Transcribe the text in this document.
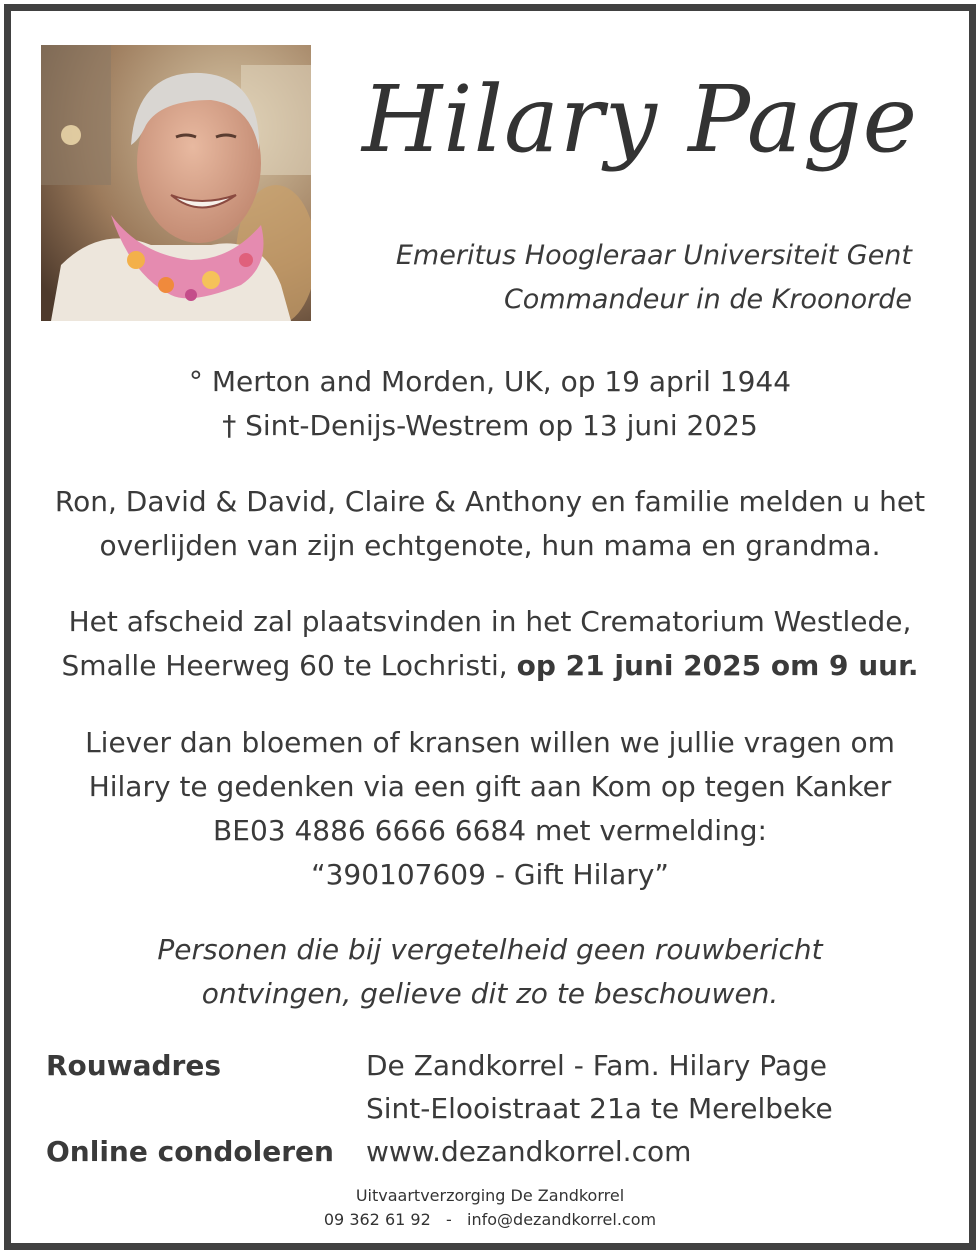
Hilary Page
Emeritus Hoogleraar Universiteit Gent
Commandeur in de Kroonorde

° Merton and Morden, UK, op 19 april 1944

† Sint-Denijs-Westrem op 13 juni 2025

Ron, David & David, Claire & Anthony en familie melden u het

overlijden van zijn echtgenote, hun mama en grandma.

Het afscheid zal plaatsvinden in het Crematorium Westlede,

Smalle Heerweg 60 te Lochristi, op 21 juni 2025 om 9 uur.

Liever dan bloemen of kransen willen we jullie vragen om

Hilary te gedenken via een gift aan Kom op tegen Kanker

BE03 4886 6666 6684 met vermelding:

“390107609 - Gift Hilary”

Personen die bij vergetelheid geen rouwbericht

ontvingen, gelieve dit zo te beschouwen.

Rouwadres	De Zandkorrel - Fam. Hilary Page
Sint-Elooistraat 21a te Merelbeke
Online condoleren	www.dezandkorrel.com
Uitvaartverzorging De Zandkorrel
09 362 61 92   -   info@dezandkorrel.com
